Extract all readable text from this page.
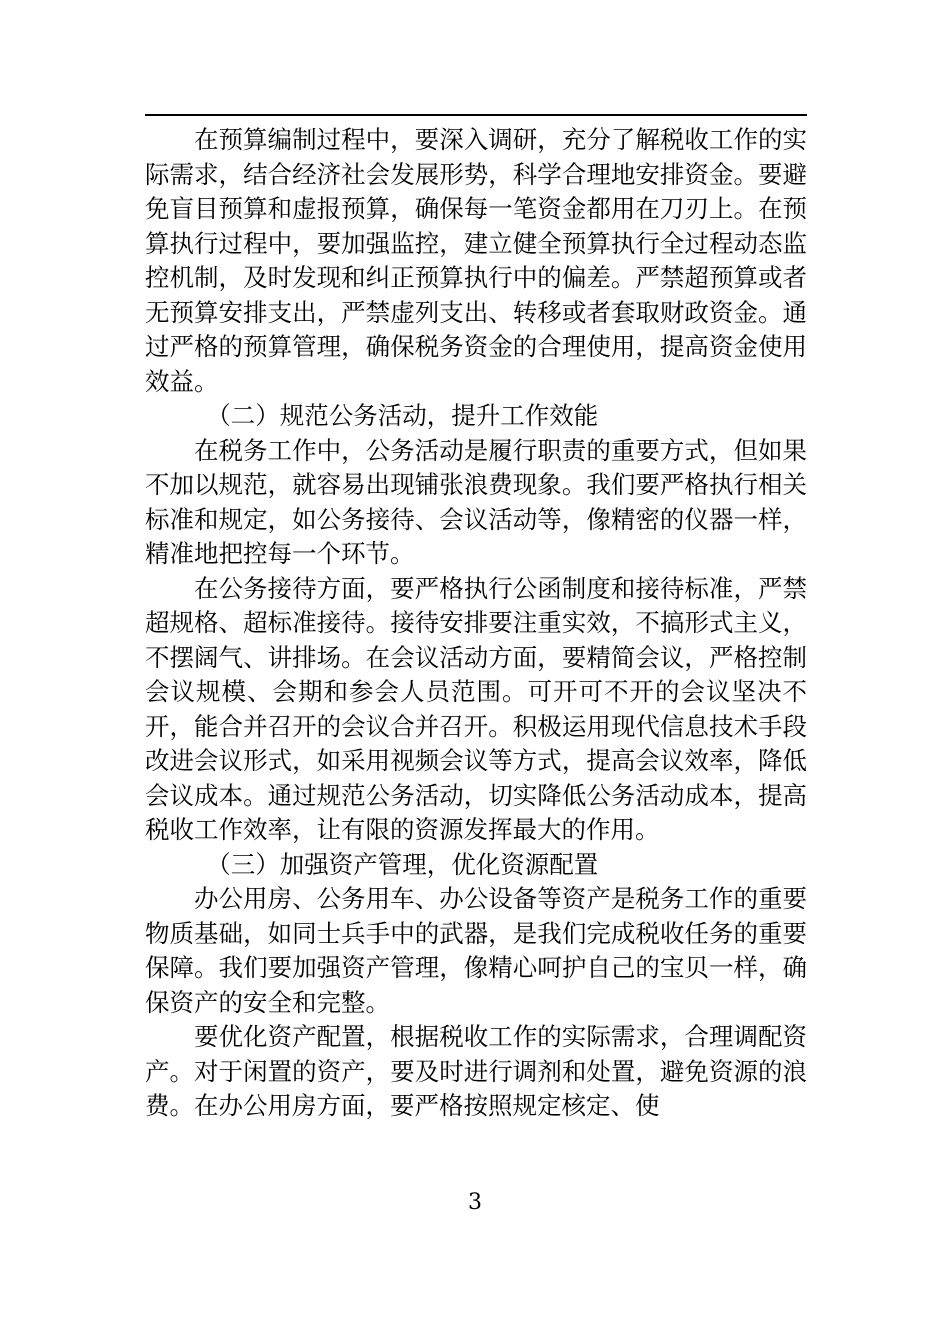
在预算编制过程中，要深入调研，充分了解税收工作的实际需求，结合经济社会发展形势，科学合理地安排资金。要避免盲目预算和虚报预算，确保每一笔资金都用在刀刃上。在预算执行过程中，要加强监控，建立健全预算执行全过程动态监控机制，及时发现和纠正预算执行中的偏差。严禁超预算或者无预算安排支出，严禁虚列支出、转移或者套取财政资金。通过严格的预算管理，确保税务资金的合理使用，提高资金使用效益。

（二）规范公务活动，提升工作效能

在税务工作中，公务活动是履行职责的重要方式，但如果不加以规范，就容易出现铺张浪费现象。我们要严格执行相关标准和规定，如公务接待、会议活动等，像精密的仪器一样，精准地把控每一个环节。

在公务接待方面，要严格执行公函制度和接待标准，严禁超规格、超标准接待。接待安排要注重实效，不搞形式主义，不摆阔气、讲排场。在会议活动方面，要精简会议，严格控制会议规模、会期和参会人员范围。可开可不开的会议坚决不开，能合并召开的会议合并召开。积极运用现代信息技术手段改进会议形式，如采用视频会议等方式，提高会议效率，降低会议成本。通过规范公务活动，切实降低公务活动成本，提高税收工作效率，让有限的资源发挥最大的作用。

（三）加强资产管理，优化资源配置

办公用房、公务用车、办公设备等资产是税务工作的重要物质基础，如同士兵手中的武器，是我们完成税收任务的重要保障。我们要加强资产管理，像精心呵护自己的宝贝一样，确保资产的安全和完整。

要优化资产配置，根据税收工作的实际需求，合理调配资产。对于闲置的资产，要及时进行调剂和处置，避免资源的浪费。在办公用房方面，要严格按照规定核定、使

3
